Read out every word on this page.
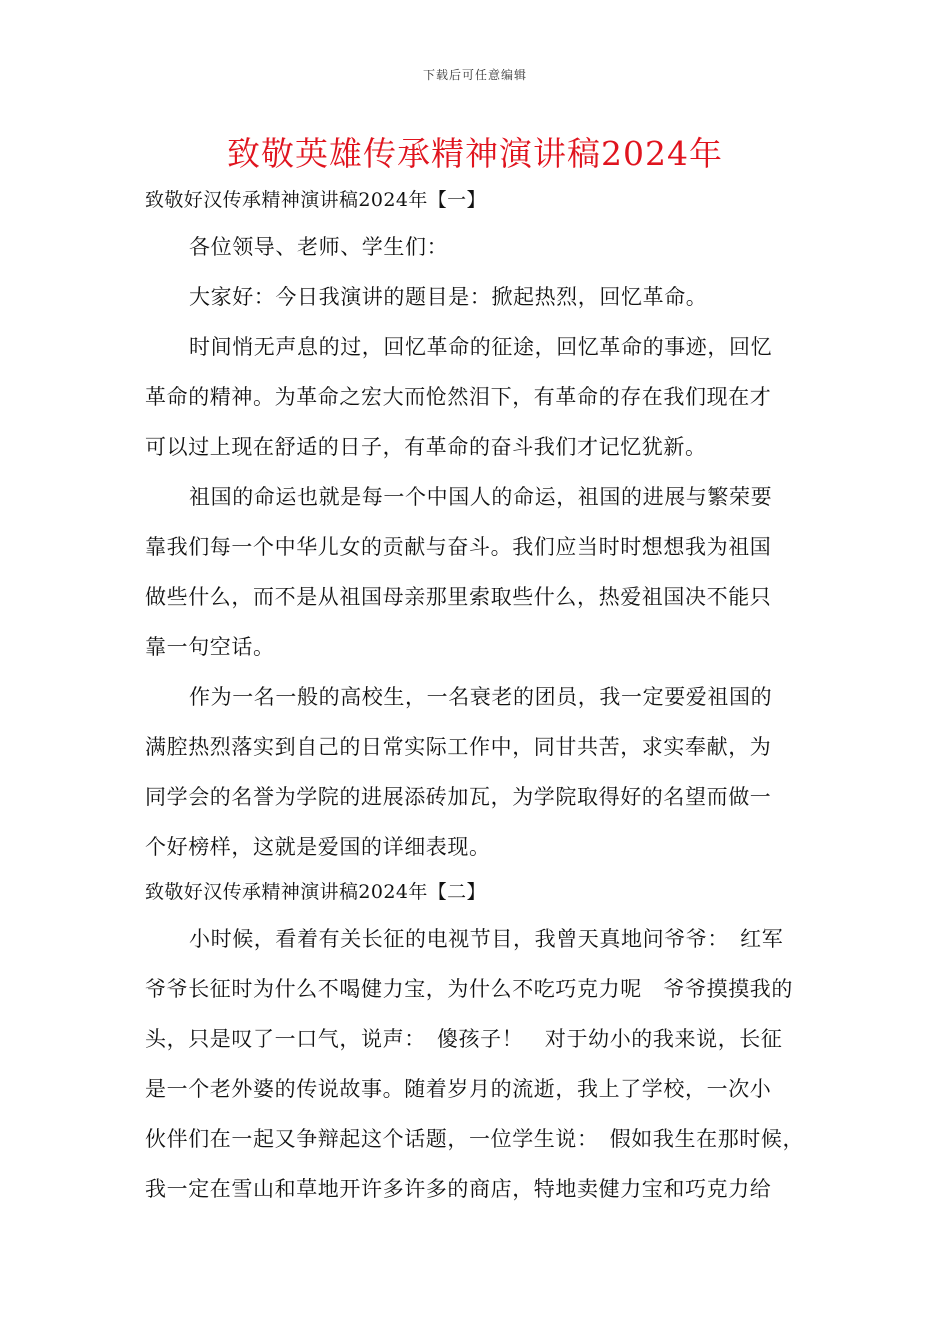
下载后可任意编辑
致敬英雄传承精神演讲稿2024年
致敬好汉传承精神演讲稿2024年【一】
各位领导、老师、学生们：
大家好：今日我演讲的题目是：掀起热烈，回忆革命。
时间悄无声息的过，回忆革命的征途，回忆革命的事迹，回忆
革命的精神。为革命之宏大而怆然泪下，有革命的存在我们现在才
可以过上现在舒适的日子，有革命的奋斗我们才记忆犹新。
祖国的命运也就是每一个中国人的命运，祖国的进展与繁荣要
靠我们每一个中华儿女的贡献与奋斗。我们应当时时想想我为祖国
做些什么，而不是从祖国母亲那里索取些什么，热爱祖国决不能只
靠一句空话。
作为一名一般的高校生，一名衰老的团员，我一定要爱祖国的
满腔热烈落实到自己的日常实际工作中，同甘共苦，求实奉献，为
同学会的名誉为学院的进展添砖加瓦，为学院取得好的名望而做一
个好榜样，这就是爱国的详细表现。
致敬好汉传承精神演讲稿2024年【二】
小时候，看着有关长征的电视节目，我曾天真地问爷爷：　红军
爷爷长征时为什么不喝健力宝，为什么不吃巧克力呢　爷爷摸摸我的
头，只是叹了一口气，说声：　傻孩子！　对于幼小的我来说，长征
是一个老外婆的传说故事。随着岁月的流逝，我上了学校，一次小
伙伴们在一起又争辩起这个话题，一位学生说：　假如我生在那时候，
我一定在雪山和草地开许多许多的商店，特地卖健力宝和巧克力给
